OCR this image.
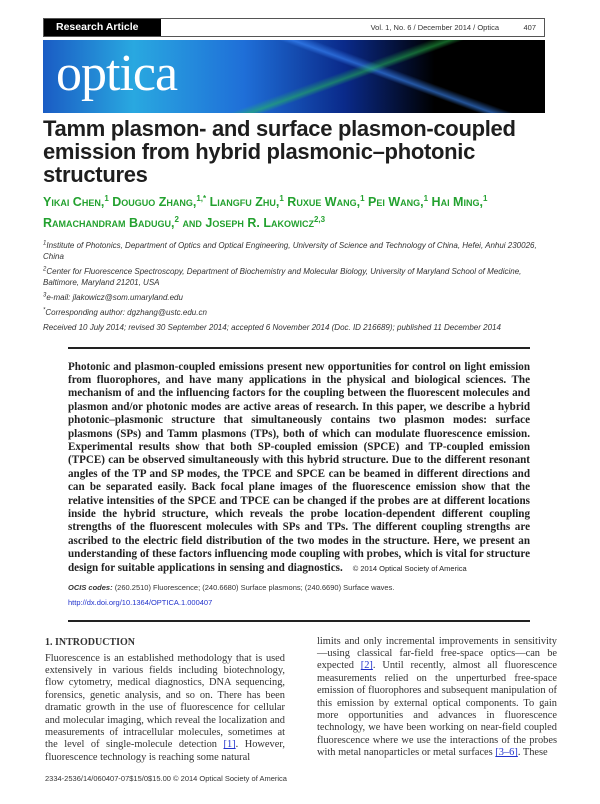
Research Article	Vol. 1, No. 6 / December 2014 / Optica	407
optica
Tamm plasmon- and surface plasmon-coupled emission from hybrid plasmonic–photonic structures
Yikai Chen,$^1$ Douguo Zhang,$^{1,*}$ Liangfu Zhu,$^1$ Ruxue Wang,$^1$ Pei Wang,$^1$ Hai Ming,$^1$ Ramachandram Badugu,$^2$ and Joseph R. Lakowicz$^{2,3}$
$^1$Institute of Photonics, Department of Optics and Optical Engineering, University of Science and Technology of China, Hefei, Anhui 230026, China
$^2$Center for Fluorescence Spectroscopy, Department of Biochemistry and Molecular Biology, University of Maryland School of Medicine, Baltimore, Maryland 21201, USA
$^3$e-mail: jlakowicz@som.umaryland.edu
*Corresponding author: dgzhang@ustc.edu.cn
Received 10 July 2014; revised 30 September 2014; accepted 6 November 2014 (Doc. ID 216689); published 11 December 2014
Photonic and plasmon-coupled emissions present new opportunities for control on light emission from fluorophores, and have many applications in the physical and biological sciences. The mechanism of and the influencing factors for the coupling between the fluorescent molecules and plasmon and/or photonic modes are active areas of research. In this paper, we describe a hybrid photonic–plasmonic structure that simultaneously contains two plasmon modes: surface plasmons (SPs) and Tamm plasmons (TPs), both of which can modulate fluorescence emission. Experimental results show that both SP-coupled emission (SPCE) and TP-coupled emission (TPCE) can be observed simultaneously with this hybrid structure. Due to the different resonant angles of the TP and SP modes, the TPCE and SPCE can be beamed in different directions and can be separated easily. Back focal plane images of the fluorescence emission show that the relative intensities of the SPCE and TPCE can be changed if the probes are at different locations inside the hybrid structure, which reveals the probe location-dependent different coupling strengths of the fluorescent molecules with SPs and TPs. The different coupling strengths are ascribed to the electric field distribution of the two modes in the structure. Here, we present an understanding of these factors influencing mode coupling with probes, which is vital for structure design for suitable applications in sensing and diagnostics. © 2014 Optical Society of America
OCIS codes: (260.2510) Fluorescence; (240.6680) Surface plasmons; (240.6690) Surface waves.
http://dx.doi.org/10.1364/OPTICA.1.000407
1. INTRODUCTION
Fluorescence is an established methodology that is used extensively in various fields including biotechnology, flow cytometry, medical diagnostics, DNA sequencing, forensics, genetic analysis, and so on. There has been dramatic growth in the use of fluorescence for cellular and molecular imaging, which reveal the localization and measurements of intracellular molecules, sometimes at the level of single-molecule detection [1]. However, fluorescence technology is reaching some natural
limits and only incremental improvements in sensitivity—using classical far-field free-space optics—can be expected [2]. Until recently, almost all fluorescence measurements relied on the unperturbed free-space emission of fluorophores and subsequent manipulation of this emission by external optical components. To gain more opportunities and advances in fluorescence technology, we have been working on near-field coupled fluorescence where we use the interactions of the probes with metal nanoparticles or metal surfaces [3–6]. These
2334-2536/14/060407-07$15/0$15.00 © 2014 Optical Society of America
